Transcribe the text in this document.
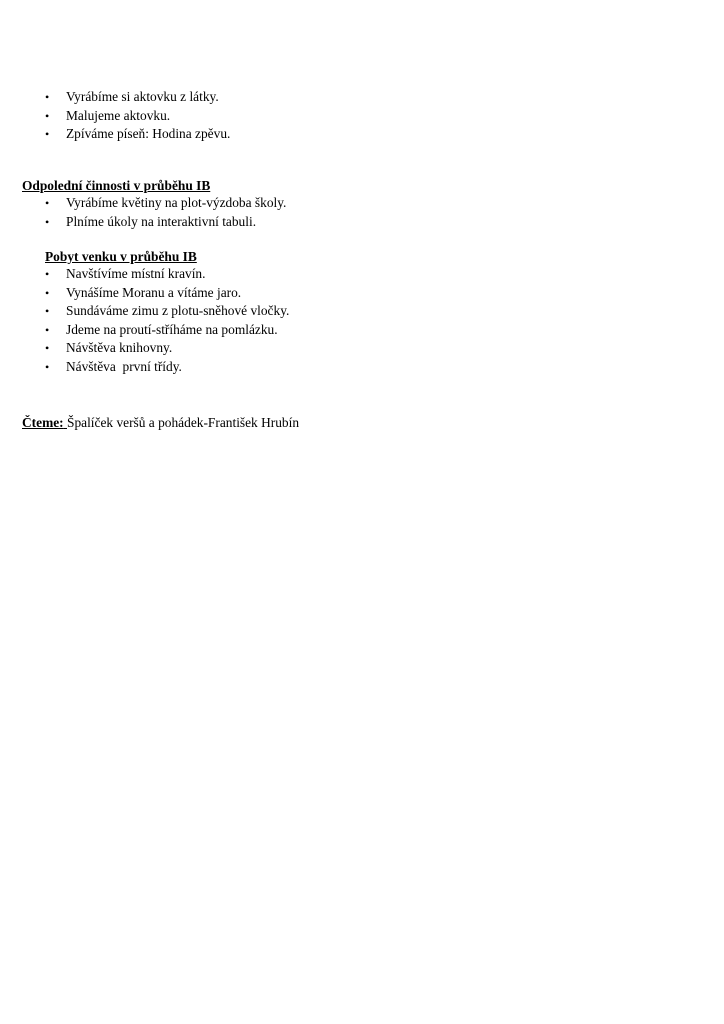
• Vyrábíme si aktovku z látky.
• Malujeme aktovku.
• Zpíváme píseň: Hodina zpěvu.
Odpolední činnosti v průběhu IB
• Vyrábíme květiny na plot-výzdoba školy.
• Plníme úkoly na interaktivní tabuli.
Pobyt venku v průběhu IB
• Navštívíme místní kravín.
• Vynášíme Moranu a vítáme jaro.
• Sundáváme zimu z plotu-sněhové vločky.
• Jdeme na proutí-stříháme na pomlázku.
• Návštěva knihovny.
• Návštěva  první třídy.
Čteme: Špalíček veršů a pohádek-František Hrubín
